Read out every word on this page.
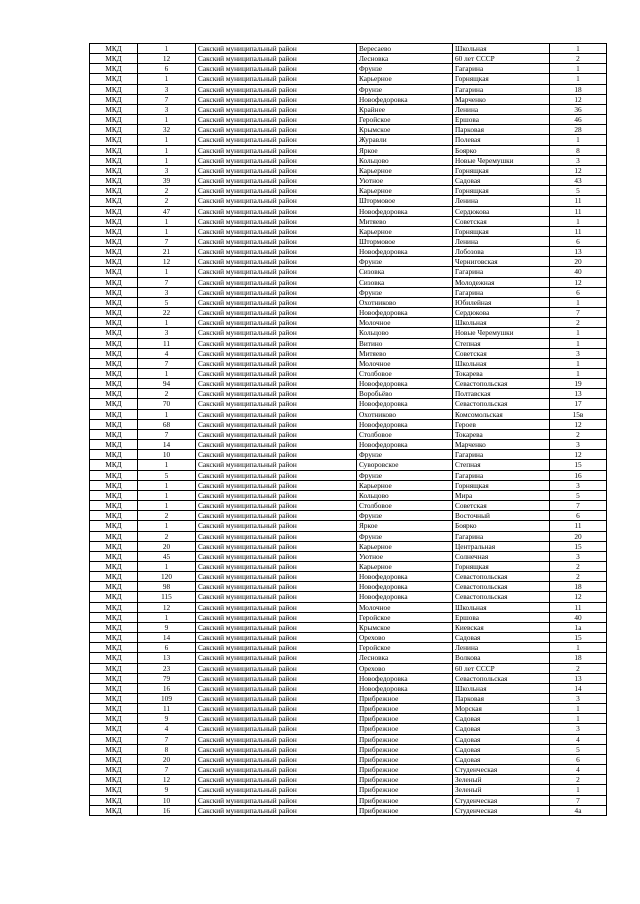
МКД	1	Сакский муниципальный район	Вересаево	Школьная	1
МКД	12	Сакский муниципальный район	Лесновка	60 лет СССР	2
МКД	6	Сакский муниципальный район	Фрунзе	Гагарина	1
МКД	1	Сакский муниципальный район	Карьерное	Горнящкая	1
МКД	3	Сакский муниципальный район	Фрунзе	Гагарина	18
МКД	7	Сакский муниципальный район	Новофедоровка	Марченко	12
МКД	3	Сакский муниципальный район	Крайнее	Ленина	36
МКД	1	Сакский муниципальный район	Геройское	Ершова	46
МКД	32	Сакский муниципальный район	Крымское	Парковая	28
МКД	1	Сакский муниципальный район	Журавли	Полевая	1
МКД	1	Сакский муниципальный район	Яркое	Боярко	8
МКД	1	Сакский муниципальный район	Кольцово	Новые Черемушки	3
МКД	3	Сакский муниципальный район	Карьерное	Горнящкая	12
МКД	39	Сакский муниципальный район	Уютное	Садовая	43
МКД	2	Сакский муниципальный район	Карьерное	Горнящкая	5
МКД	2	Сакский муниципальный район	Штормовое	Ленина	11
МКД	47	Сакский муниципальный район	Новофедоровка	Сердюкова	11
МКД	1	Сакский муниципальный район	Митяево	Советская	1
МКД	1	Сакский муниципальный район	Карьерное	Горнящкая	11
МКД	7	Сакский муниципальный район	Штормовое	Ленина	6
МКД	21	Сакский муниципальный район	Новофедоровка	Лобозова	13
МКД	12	Сакский муниципальный район	Фрунзе	Черниговская	20
МКД	1	Сакский муниципальный район	Сизовка	Гагарина	40
МКД	7	Сакский муниципальный район	Сизовка	Молодежная	12
МКД	3	Сакский муниципальный район	Фрунзе	Гагарина	6
МКД	5	Сакский муниципальный район	Охотниково	Юбилейная	1
МКД	22	Сакский муниципальный район	Новофедоровка	Сердюкова	7
МКД	1	Сакский муниципальный район	Молочное	Школьная	2
МКД	3	Сакский муниципальный район	Кольцово	Новые Черемушки	1
МКД	11	Сакский муниципальный район	Витино	Степная	1
МКД	4	Сакский муниципальный район	Митяево	Советская	3
МКД	7	Сакский муниципальный район	Молочное	Школьная	1
МКД	1	Сакский муниципальный район	Столбовое	Токарева	1
МКД	94	Сакский муниципальный район	Новофедоровка	Севастопольская	19
МКД	2	Сакский муниципальный район	Воробьёво	Полтавская	13
МКД	70	Сакский муниципальный район	Новофедоровка	Севастопольская	17
МКД	1	Сакский муниципальный район	Охотниково	Комсомольская	15в
МКД	68	Сакский муниципальный район	Новофедоровка	Героев	12
МКД	7	Сакский муниципальный район	Столбовое	Токарева	2
МКД	14	Сакский муниципальный район	Новофедоровка	Марченко	3
МКД	10	Сакский муниципальный район	Фрунзе	Гагарина	12
МКД	1	Сакский муниципальный район	Суворовское	Степная	15
МКД	5	Сакский муниципальный район	Фрунзе	Гагарина	16
МКД	1	Сакский муниципальный район	Карьерное	Горнящкая	3
МКД	1	Сакский муниципальный район	Кольцово	Мира	5
МКД	1	Сакский муниципальный район	Столбовое	Советская	7
МКД	2	Сакский муниципальный район	Фрунзе	Восточный	6
МКД	1	Сакский муниципальный район	Яркое	Боярко	11
МКД	2	Сакский муниципальный район	Фрунзе	Гагарина	20
МКД	20	Сакский муниципальный район	Карьерное	Центральная	15
МКД	45	Сакский муниципальный район	Уютное	Солнечная	3
МКД	1	Сакский муниципальный район	Карьерное	Горнящкая	2
МКД	120	Сакский муниципальный район	Новофедоровка	Севастопольская	2
МКД	98	Сакский муниципальный район	Новофедоровка	Севастопольская	18
МКД	115	Сакский муниципальный район	Новофедоровка	Севастопольская	12
МКД	12	Сакский муниципальный район	Молочное	Школьная	11
МКД	1	Сакский муниципальный район	Геройское	Ершова	40
МКД	9	Сакский муниципальный район	Крымское	Киевская	1а
МКД	14	Сакский муниципальный район	Орехово	Садовая	15
МКД	6	Сакский муниципальный район	Геройское	Ленина	1
МКД	13	Сакский муниципальный район	Лесновка	Волкова	18
МКД	23	Сакский муниципальный район	Орехово	60 лет СССР	2
МКД	79	Сакский муниципальный район	Новофедоровка	Севастопольская	13
МКД	16	Сакский муниципальный район	Новофедоровка	Школьная	14
МКД	109	Сакский муниципальный район	Прибрежное	Парковая	3
МКД	11	Сакский муниципальный район	Прибрежное	Морская	1
МКД	9	Сакский муниципальный район	Прибрежное	Садовая	1
МКД	4	Сакский муниципальный район	Прибрежное	Садовая	3
МКД	7	Сакский муниципальный район	Прибрежное	Садовая	4
МКД	8	Сакский муниципальный район	Прибрежное	Садовая	5
МКД	20	Сакский муниципальный район	Прибрежное	Садовая	6
МКД	7	Сакский муниципальный район	Прибрежное	Студенческая	4
МКД	12	Сакский муниципальный район	Прибрежное	Зеленый	2
МКД	9	Сакский муниципальный район	Прибрежное	Зеленый	1
МКД	10	Сакский муниципальный район	Прибрежное	Студенческая	7
МКД	16	Сакский муниципальный район	Прибрежное	Студенческая	4а
